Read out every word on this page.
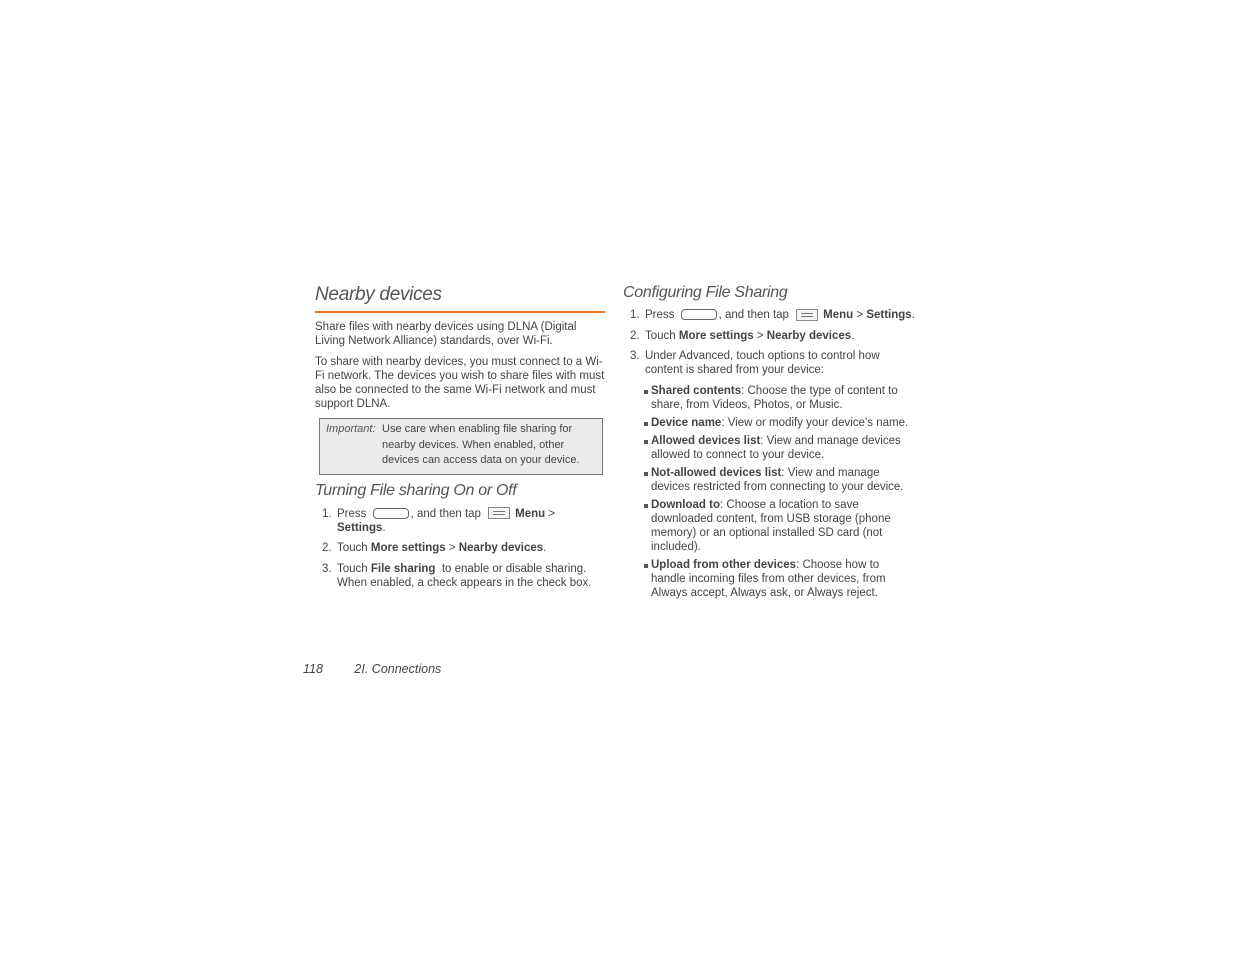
Nearby devices

Share files with nearby devices using DLNA (Digital Living Network Alliance) standards, over Wi-Fi.

To share with nearby devices, you must connect to a Wi-Fi network. The devices you wish to share files with must also be connected to the same Wi-Fi network and must support DLNA.

Important: Use care when enabling file sharing for nearby devices. When enabled, other devices can access data on your device.
Turning File sharing On or Off
1. Press	, and then tap	Menu > Settings.
2. Touch More settings > Nearby devices.
3. Touch File sharing to enable or disable sharing. When enabled, a check appears in the check box.
Configuring File Sharing
1. Press	, and then tap	Menu > Settings.
2. Touch More settings > Nearby devices.
3. Under Advanced, touch options to control how content is shared from your device:
Shared contents: Choose the type of content to share, from Videos, Photos, or Music.
Device name: View or modify your device’s name.
Allowed devices list: View and manage devices allowed to connect to your device.
Not-allowed devices list: View and manage devices restricted from connecting to your device.
Download to: Choose a location to save downloaded content, from USB storage (phone memory) or an optional installed SD card (not included).
Upload from other devices: Choose how to handle incoming files from other devices, from Always accept, Always ask, or Always reject.
118	2I. Connections
